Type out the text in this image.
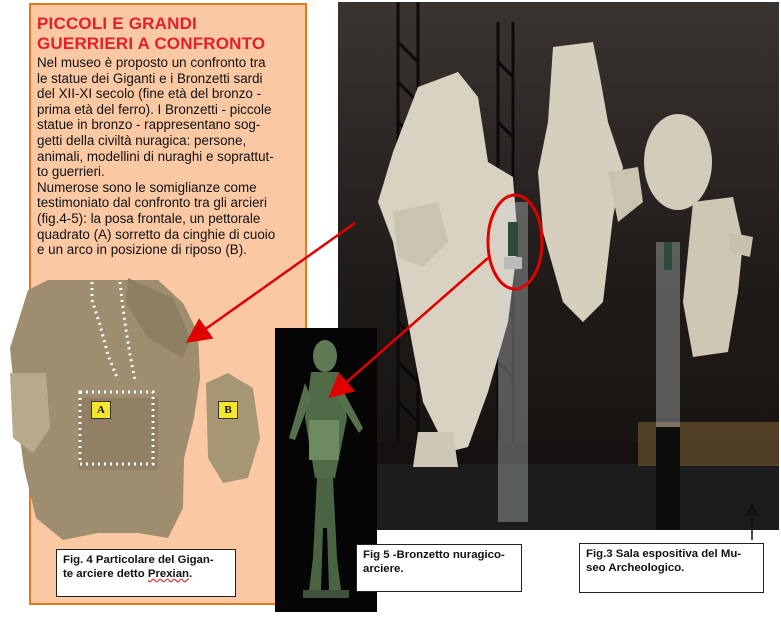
PICCOLI E GRANDI
GUERRIERI A CONFRONTO
Nel museo è proposto un confronto tra
le statue dei Giganti e i Bronzetti sardi
del XII-XI secolo (fine età del bronzo -
prima età del ferro). I Bronzetti - piccole
statue in bronzo - rappresentano sog-
getti della civiltà nuragica: persone,
animali, modellini di nuraghi e soprattut-
to guerrieri.
Numerose sono le somiglianze come
testimoniato dal confronto tra gli arcieri
(fig.4-5): la posa frontale, un pettorale
quadrato (A) sorretto da cinghie di cuoio
e un arco in posizione di riposo (B).
A	B
Fig. 4 Particolare del Gigan-
te arciere detto Prexian.
Fig 5 -Bronzetto nuragico-
arciere.
Fig.3 Sala espositiva del Mu-
seo Archeologico.
